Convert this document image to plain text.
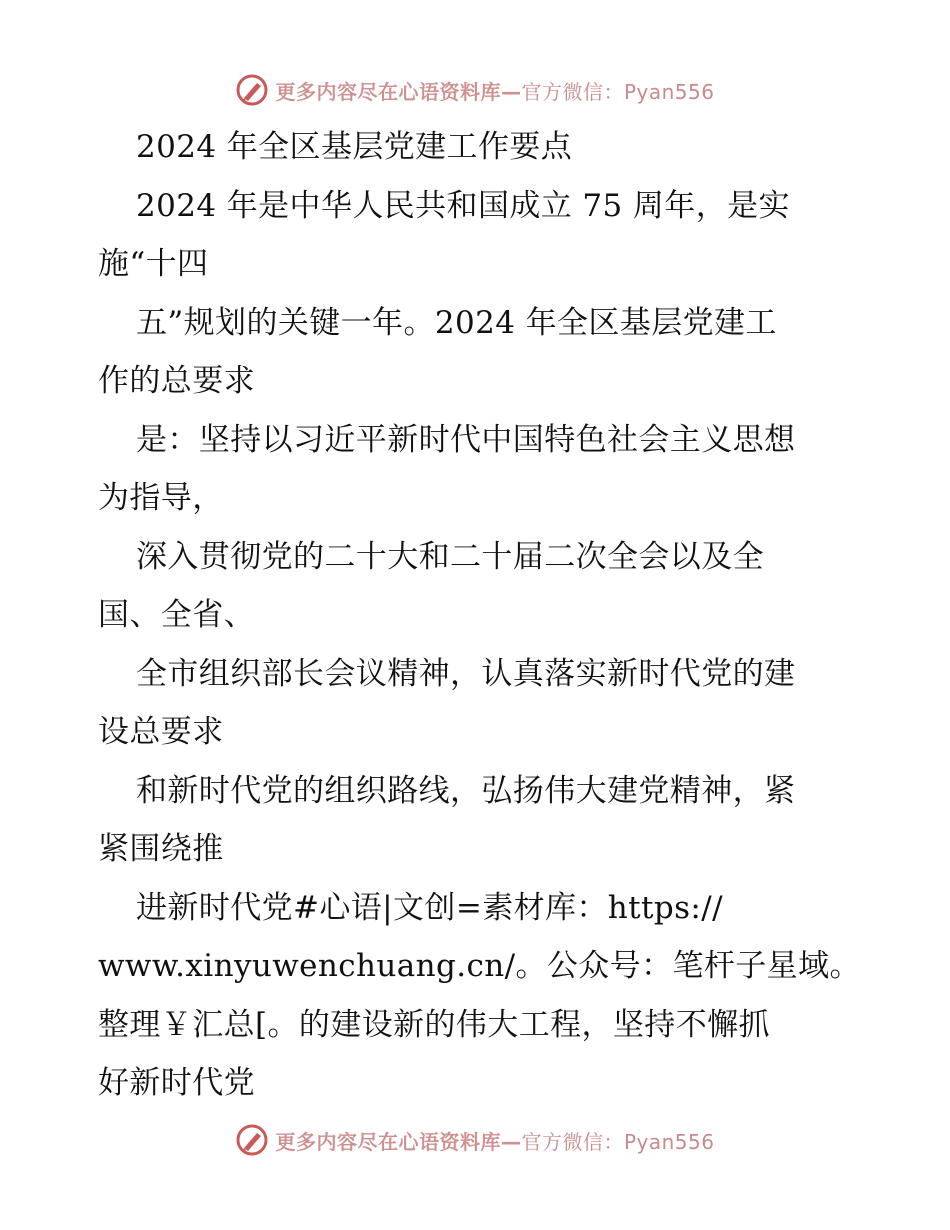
更多内容尽在心语资料库—官方微信：Pyan556
2024 年全区基层党建工作要点
2024 年是中华人民共和国成立 75 周年，是实
施“十四
五”规划的关键一年。2024 年全区基层党建工
作的总要求
是：坚持以习近平新时代中国特色社会主义思想
为指导，
深入贯彻党的二十大和二十届二次全会以及全
国、全省、
全市组织部长会议精神，认真落实新时代党的建
设总要求
和新时代党的组织路线，弘扬伟大建党精神，紧
紧围绕推
进新时代党#心语|文创=素材库：https://
www.xinyuwenchuang.cn/。公众号：笔杆子星域。
整理￥汇总[。的建设新的伟大工程，坚持不懈抓
好新时代党
更多内容尽在心语资料库—官方微信：Pyan556
